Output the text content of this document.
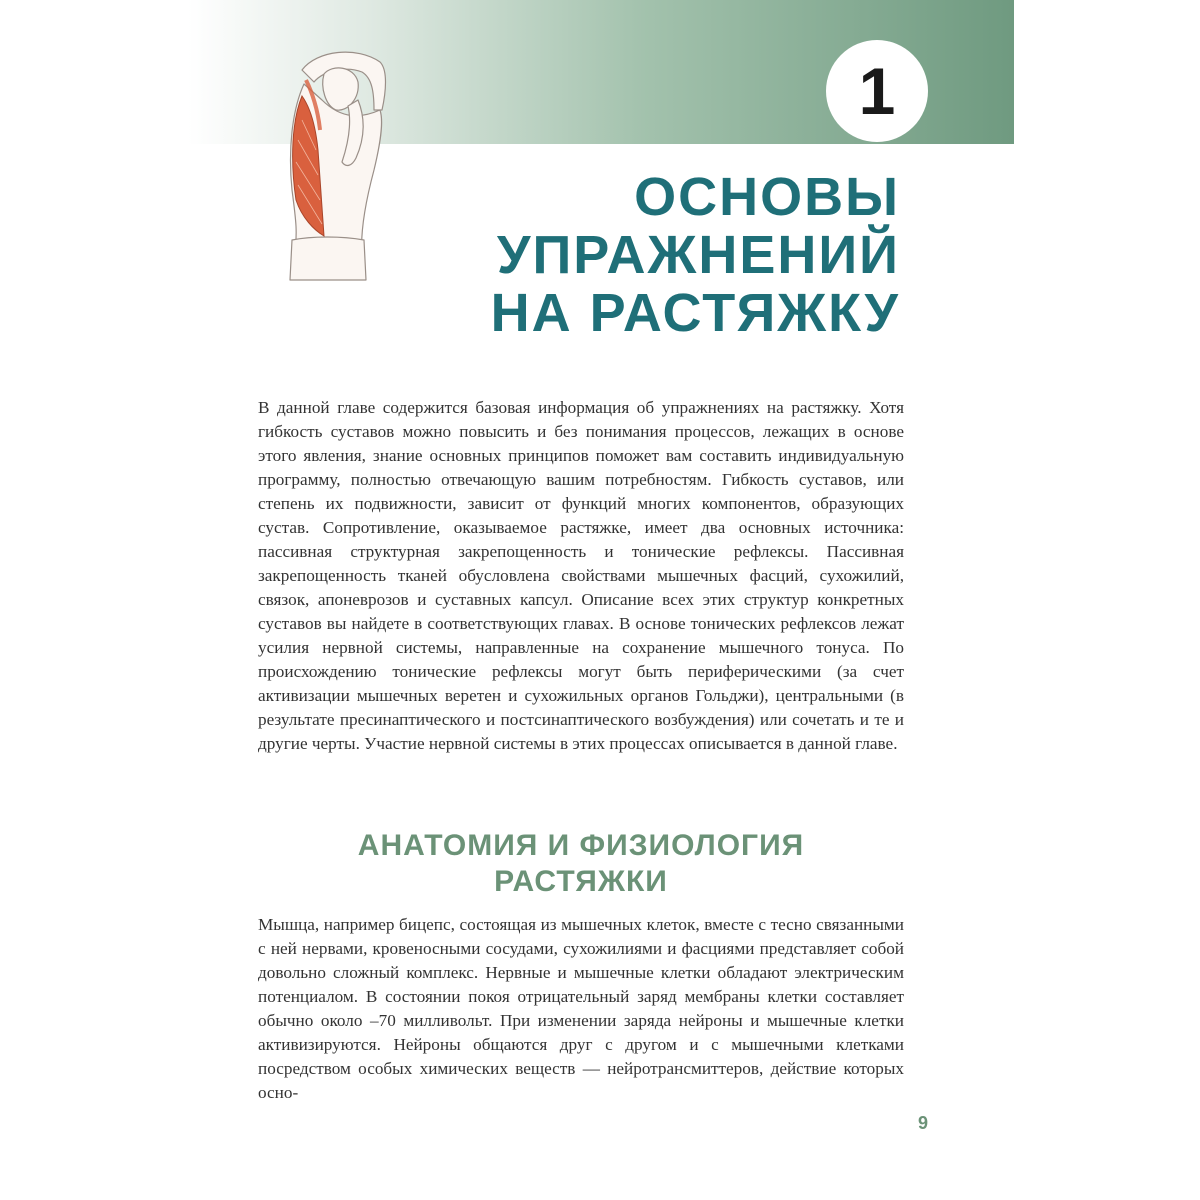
1
ОСНОВЫ
УПРАЖНЕНИЙ
НА РАСТЯЖКУ

В данной главе содержится базовая информация об упражнениях на растяжку. Хотя гибкость суставов можно повысить и без понимания процессов, лежащих в основе этого явления, знание основных принципов поможет вам составить индивидуальную программу, полностью отвечающую вашим потребностям. Гибкость суставов, или степень их подвижности, зависит от функций многих компонентов, образующих сустав. Сопротивление, оказываемое растяжке, имеет два основных источника: пассивная структурная закрепощенность и тонические рефлексы. Пассивная закрепощенность тканей обусловлена свойствами мышечных фасций, сухожилий, связок, апоневрозов и суставных капсул. Описание всех этих структур конкретных суставов вы найдете в соответствующих главах. В основе тонических рефлексов лежат усилия нервной системы, направленные на сохранение мышечного тонуса. По происхождению тонические рефлексы могут быть периферическими (за счет активизации мышечных веретен и сухожильных органов Гольджи), центральными (в результате пресинаптического и постсинаптического возбуждения) или сочетать и те и другие черты. Участие нервной системы в этих процессах описывается в данной главе.

АНАТОМИЯ И ФИЗИОЛОГИЯ
РАСТЯЖКИ

Мышца, например бицепс, состоящая из мышечных клеток, вместе с тесно связанными с ней нервами, кровеносными сосудами, сухожилиями и фасциями представляет собой довольно сложный комплекс. Нервные и мышечные клетки обладают электрическим потенциалом. В состоянии покоя отрицательный заряд мембраны клетки составляет обычно около –70 милливольт. При изменении заряда нейроны и мышечные клетки активизируются. Нейроны общаются друг с другом и с мышечными клетками посредством особых химических веществ — нейротрансмиттеров, действие которых осно-

9
